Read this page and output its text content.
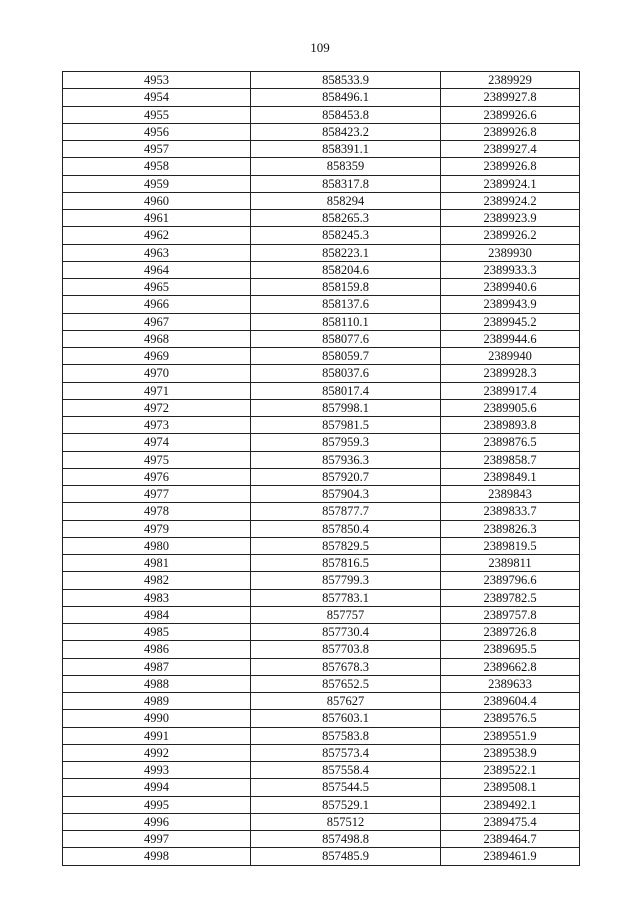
109
4953	858533.9	2389929
4954	858496.1	2389927.8
4955	858453.8	2389926.6
4956	858423.2	2389926.8
4957	858391.1	2389927.4
4958	858359	2389926.8
4959	858317.8	2389924.1
4960	858294	2389924.2
4961	858265.3	2389923.9
4962	858245.3	2389926.2
4963	858223.1	2389930
4964	858204.6	2389933.3
4965	858159.8	2389940.6
4966	858137.6	2389943.9
4967	858110.1	2389945.2
4968	858077.6	2389944.6
4969	858059.7	2389940
4970	858037.6	2389928.3
4971	858017.4	2389917.4
4972	857998.1	2389905.6
4973	857981.5	2389893.8
4974	857959.3	2389876.5
4975	857936.3	2389858.7
4976	857920.7	2389849.1
4977	857904.3	2389843
4978	857877.7	2389833.7
4979	857850.4	2389826.3
4980	857829.5	2389819.5
4981	857816.5	2389811
4982	857799.3	2389796.6
4983	857783.1	2389782.5
4984	857757	2389757.8
4985	857730.4	2389726.8
4986	857703.8	2389695.5
4987	857678.3	2389662.8
4988	857652.5	2389633
4989	857627	2389604.4
4990	857603.1	2389576.5
4991	857583.8	2389551.9
4992	857573.4	2389538.9
4993	857558.4	2389522.1
4994	857544.5	2389508.1
4995	857529.1	2389492.1
4996	857512	2389475.4
4997	857498.8	2389464.7
4998	857485.9	2389461.9
